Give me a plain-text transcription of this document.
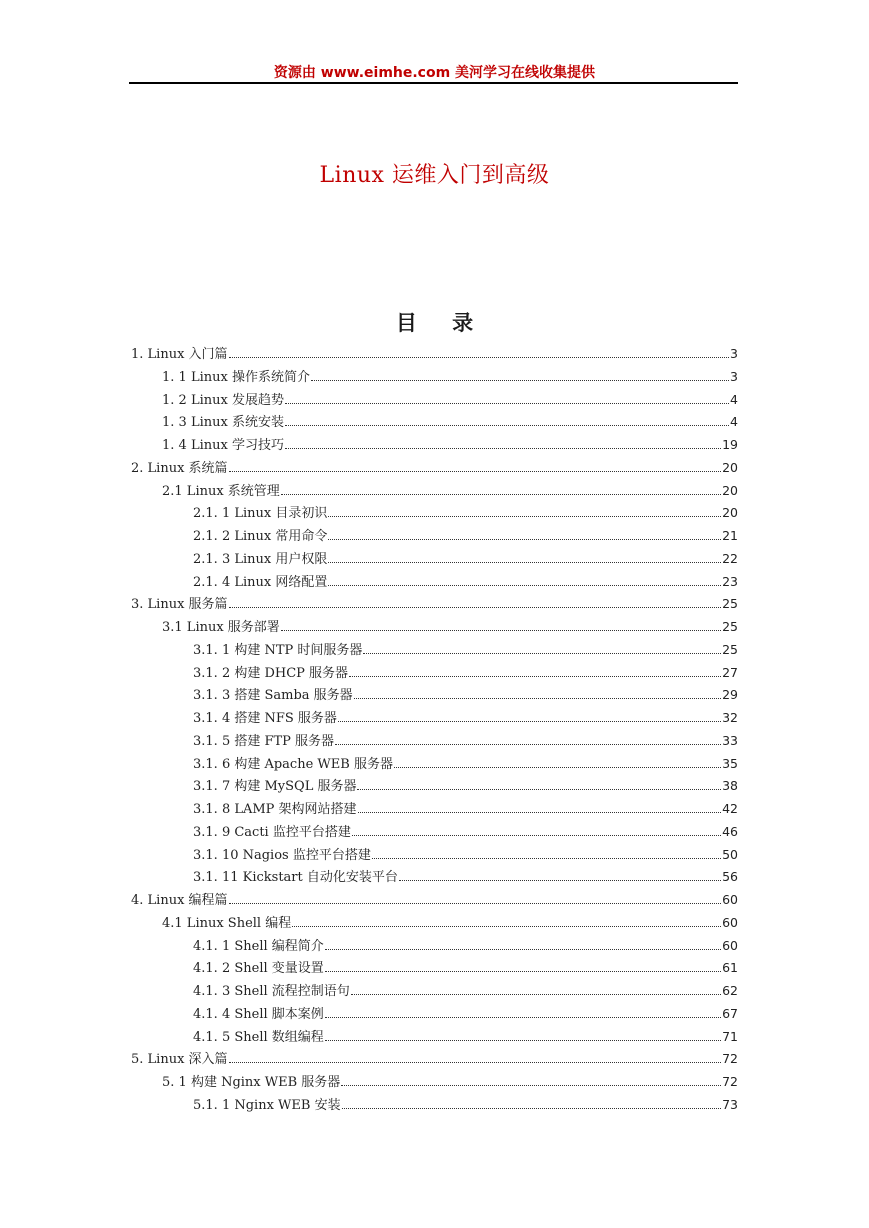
资源由 www.eimhe.com 美河学习在线收集提供
Linux 运维入门到高级
目 录
1. Linux 入门篇	3
1. 1 Linux 操作系统简介	3
1. 2 Linux 发展趋势	4
1. 3 Linux 系统安装	4
1. 4 Linux 学习技巧	19
2. Linux 系统篇	20
2.1 Linux 系统管理	20
2.1. 1 Linux 目录初识	20
2.1. 2 Linux 常用命令	21
2.1. 3 Linux 用户权限	22
2.1. 4 Linux 网络配置	23
3. Linux 服务篇	25
3.1 Linux 服务部署	25
3.1. 1 构建 NTP 时间服务器	25
3.1. 2 构建 DHCP 服务器	27
3.1. 3 搭建 Samba 服务器	29
3.1. 4 搭建 NFS 服务器	32
3.1. 5 搭建 FTP 服务器	33
3.1. 6 构建 Apache WEB 服务器	35
3.1. 7 构建 MySQL 服务器	38
3.1. 8 LAMP 架构网站搭建	42
3.1. 9 Cacti 监控平台搭建	46
3.1. 10 Nagios 监控平台搭建	50
3.1. 11 Kickstart 自动化安装平台	56
4. Linux 编程篇	60
4.1 Linux Shell 编程	60
4.1. 1 Shell 编程简介	60
4.1. 2 Shell 变量设置	61
4.1. 3 Shell 流程控制语句	62
4.1. 4 Shell 脚本案例	67
4.1. 5 Shell 数组编程	71
5. Linux 深入篇	72
5. 1 构建 Nginx WEB 服务器	72
5.1. 1 Nginx WEB 安装	73
